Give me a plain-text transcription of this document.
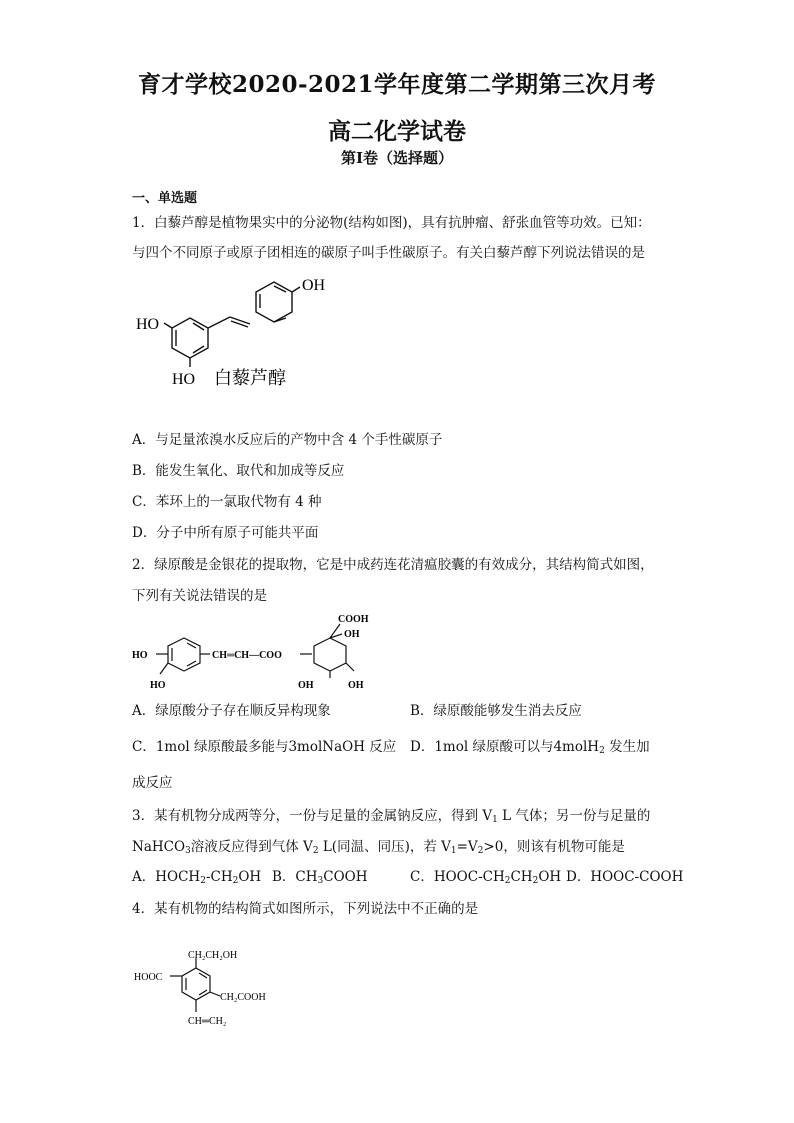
育才学校2020-2021学年度第二学期第三次月考
高二化学试卷
第I卷（选择题）
一、单选题
1．白藜芦醇是植物果实中的分泌物(结构如图)，具有抗肿瘤、舒张血管等功效。已知：
与四个不同原子或原子团相连的碳原子叫手性碳原子。有关白藜芦醇下列说法错误的是
OH
HO
HO 白藜芦醇
A．与足量浓溴水反应后的产物中含 4 个手性碳原子
B．能发生氧化、取代和加成等反应
C．苯环上的一氯取代物有 4 种
D．分子中所有原子可能共平面
2．绿原酸是金银花的提取物，它是中成药连花清瘟胶囊的有效成分，其结构简式如图，
下列有关说法错误的是
HO
HO
CH═CH—COO
COOH
OH
OH	OH
A．绿原酸分子存在顺反异构现象	B．绿原酸能够发生消去反应
C．1mol 绿原酸最多能与3molNaOH 反应 D．1mol 绿原酸可以与4molH$_2$ 发生加
成反应
3．某有机物分成两等分，一份与足量的金属钠反应，得到 $V_1$ L 气体；另一份与足量的
NaHCO$_3$溶液反应得到气体 $V_2$ L(同温、同压)，若 $V_1=V_2>0$，则该有机物可能是
A．$HOCH_2-CH_2OH$ B．$CH_3COOH$	C．HOOC-$CH_2CH_2OH$ D．HOOC-COOH
4．某有机物的结构简式如图所示，下列说法中不正确的是
CH₂CH₂OH
HOOC
CH₂COOH
CH═CH₂
